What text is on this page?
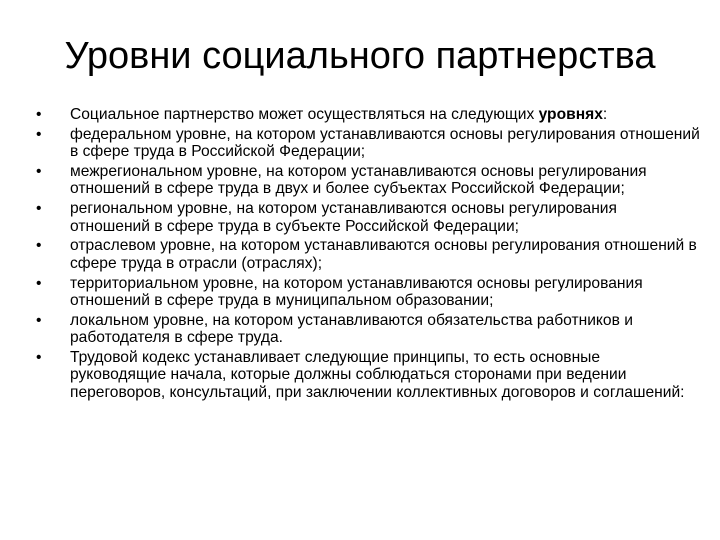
Уровни социального партнерства
•	Социальное партнерство может осуществляться на следующих уровнях:
•	федеральном уровне, на котором устанавливаются основы регулирования отношений в сфере труда в Российской Федерации;
•	межрегиональном уровне, на котором устанавливаются основы регулирования отношений в сфере труда в двух и более субъектах Российской Федерации;
•	региональном уровне, на котором устанавливаются основы регулирования отношений в сфере труда в субъекте Российской Федерации;
•	отраслевом уровне, на котором устанавливаются основы регулирования отношений в сфере труда в отрасли (отраслях);
•	территориальном уровне, на котором устанавливаются основы регулирования отношений в сфере труда в муниципальном образовании;
•	локальном уровне, на котором устанавливаются обязательства работников и работодателя в сфере труда.
•	Трудовой кодекс устанавливает следующие принципы, то есть основные руководящие начала, которые должны соблюдаться сторонами при ведении переговоров, консультаций, при заключении коллективных договоров и соглашений:
